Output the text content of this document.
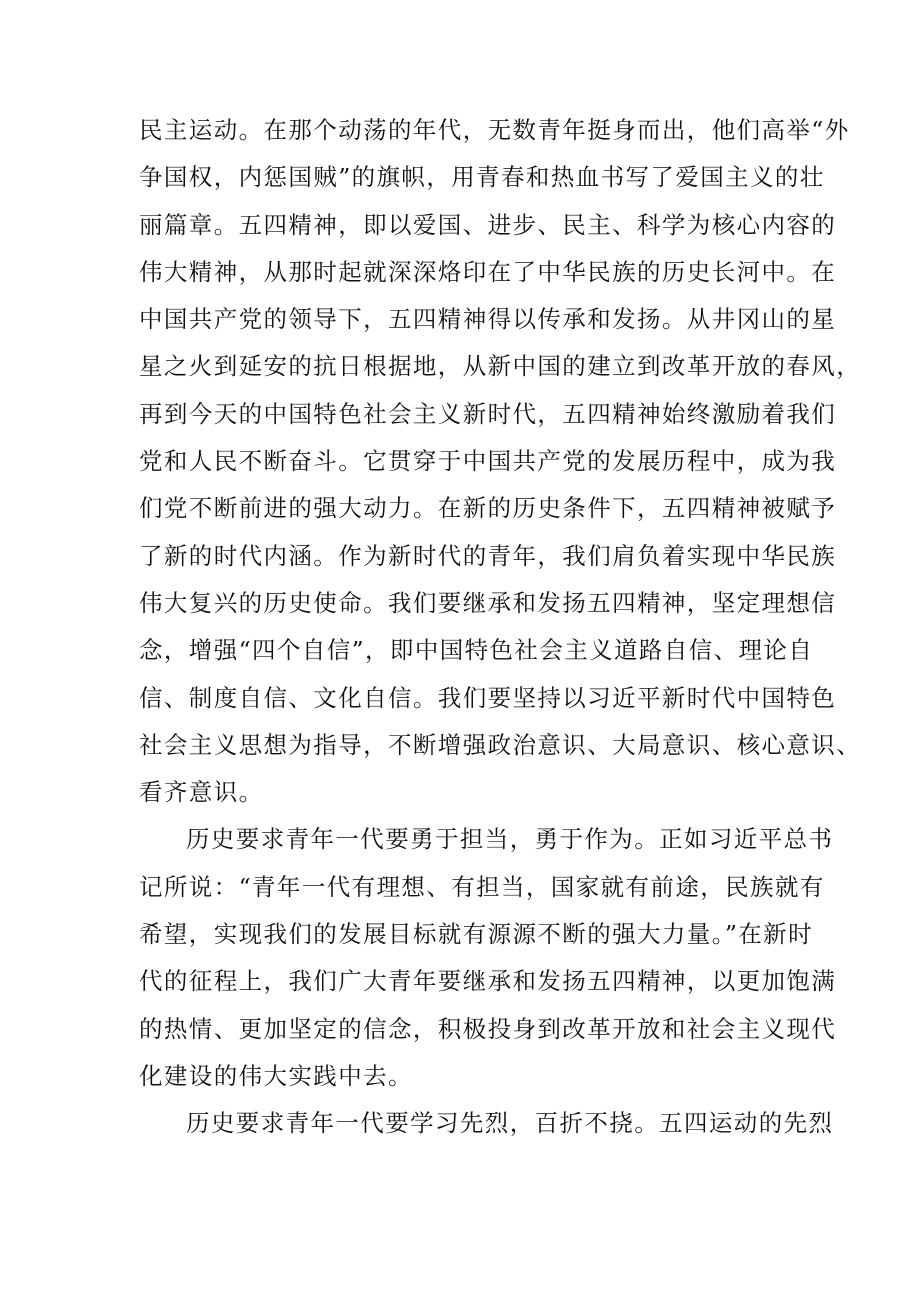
民主运动。在那个动荡的年代，无数青年挺身而出，他们高举“外
争国权，内惩国贼”的旗帜，用青春和热血书写了爱国主义的壮
丽篇章。五四精神，即以爱国、进步、民主、科学为核心内容的
伟大精神，从那时起就深深烙印在了中华民族的历史长河中。在
中国共产党的领导下，五四精神得以传承和发扬。从井冈山的星
星之火到延安的抗日根据地，从新中国的建立到改革开放的春风，
再到今天的中国特色社会主义新时代，五四精神始终激励着我们
党和人民不断奋斗。它贯穿于中国共产党的发展历程中，成为我
们党不断前进的强大动力。在新的历史条件下，五四精神被赋予
了新的时代内涵。作为新时代的青年，我们肩负着实现中华民族
伟大复兴的历史使命。我们要继承和发扬五四精神，坚定理想信
念，增强“四个自信”，即中国特色社会主义道路自信、理论自
信、制度自信、文化自信。我们要坚持以习近平新时代中国特色
社会主义思想为指导，不断增强政治意识、大局意识、核心意识、
看齐意识。
历史要求青年一代要勇于担当，勇于作为。正如习近平总书
记所说：“青年一代有理想、有担当，国家就有前途，民族就有
希望，实现我们的发展目标就有源源不断的强大力量。”在新时
代的征程上，我们广大青年要继承和发扬五四精神，以更加饱满
的热情、更加坚定的信念，积极投身到改革开放和社会主义现代
化建设的伟大实践中去。
历史要求青年一代要学习先烈，百折不挠。五四运动的先烈
